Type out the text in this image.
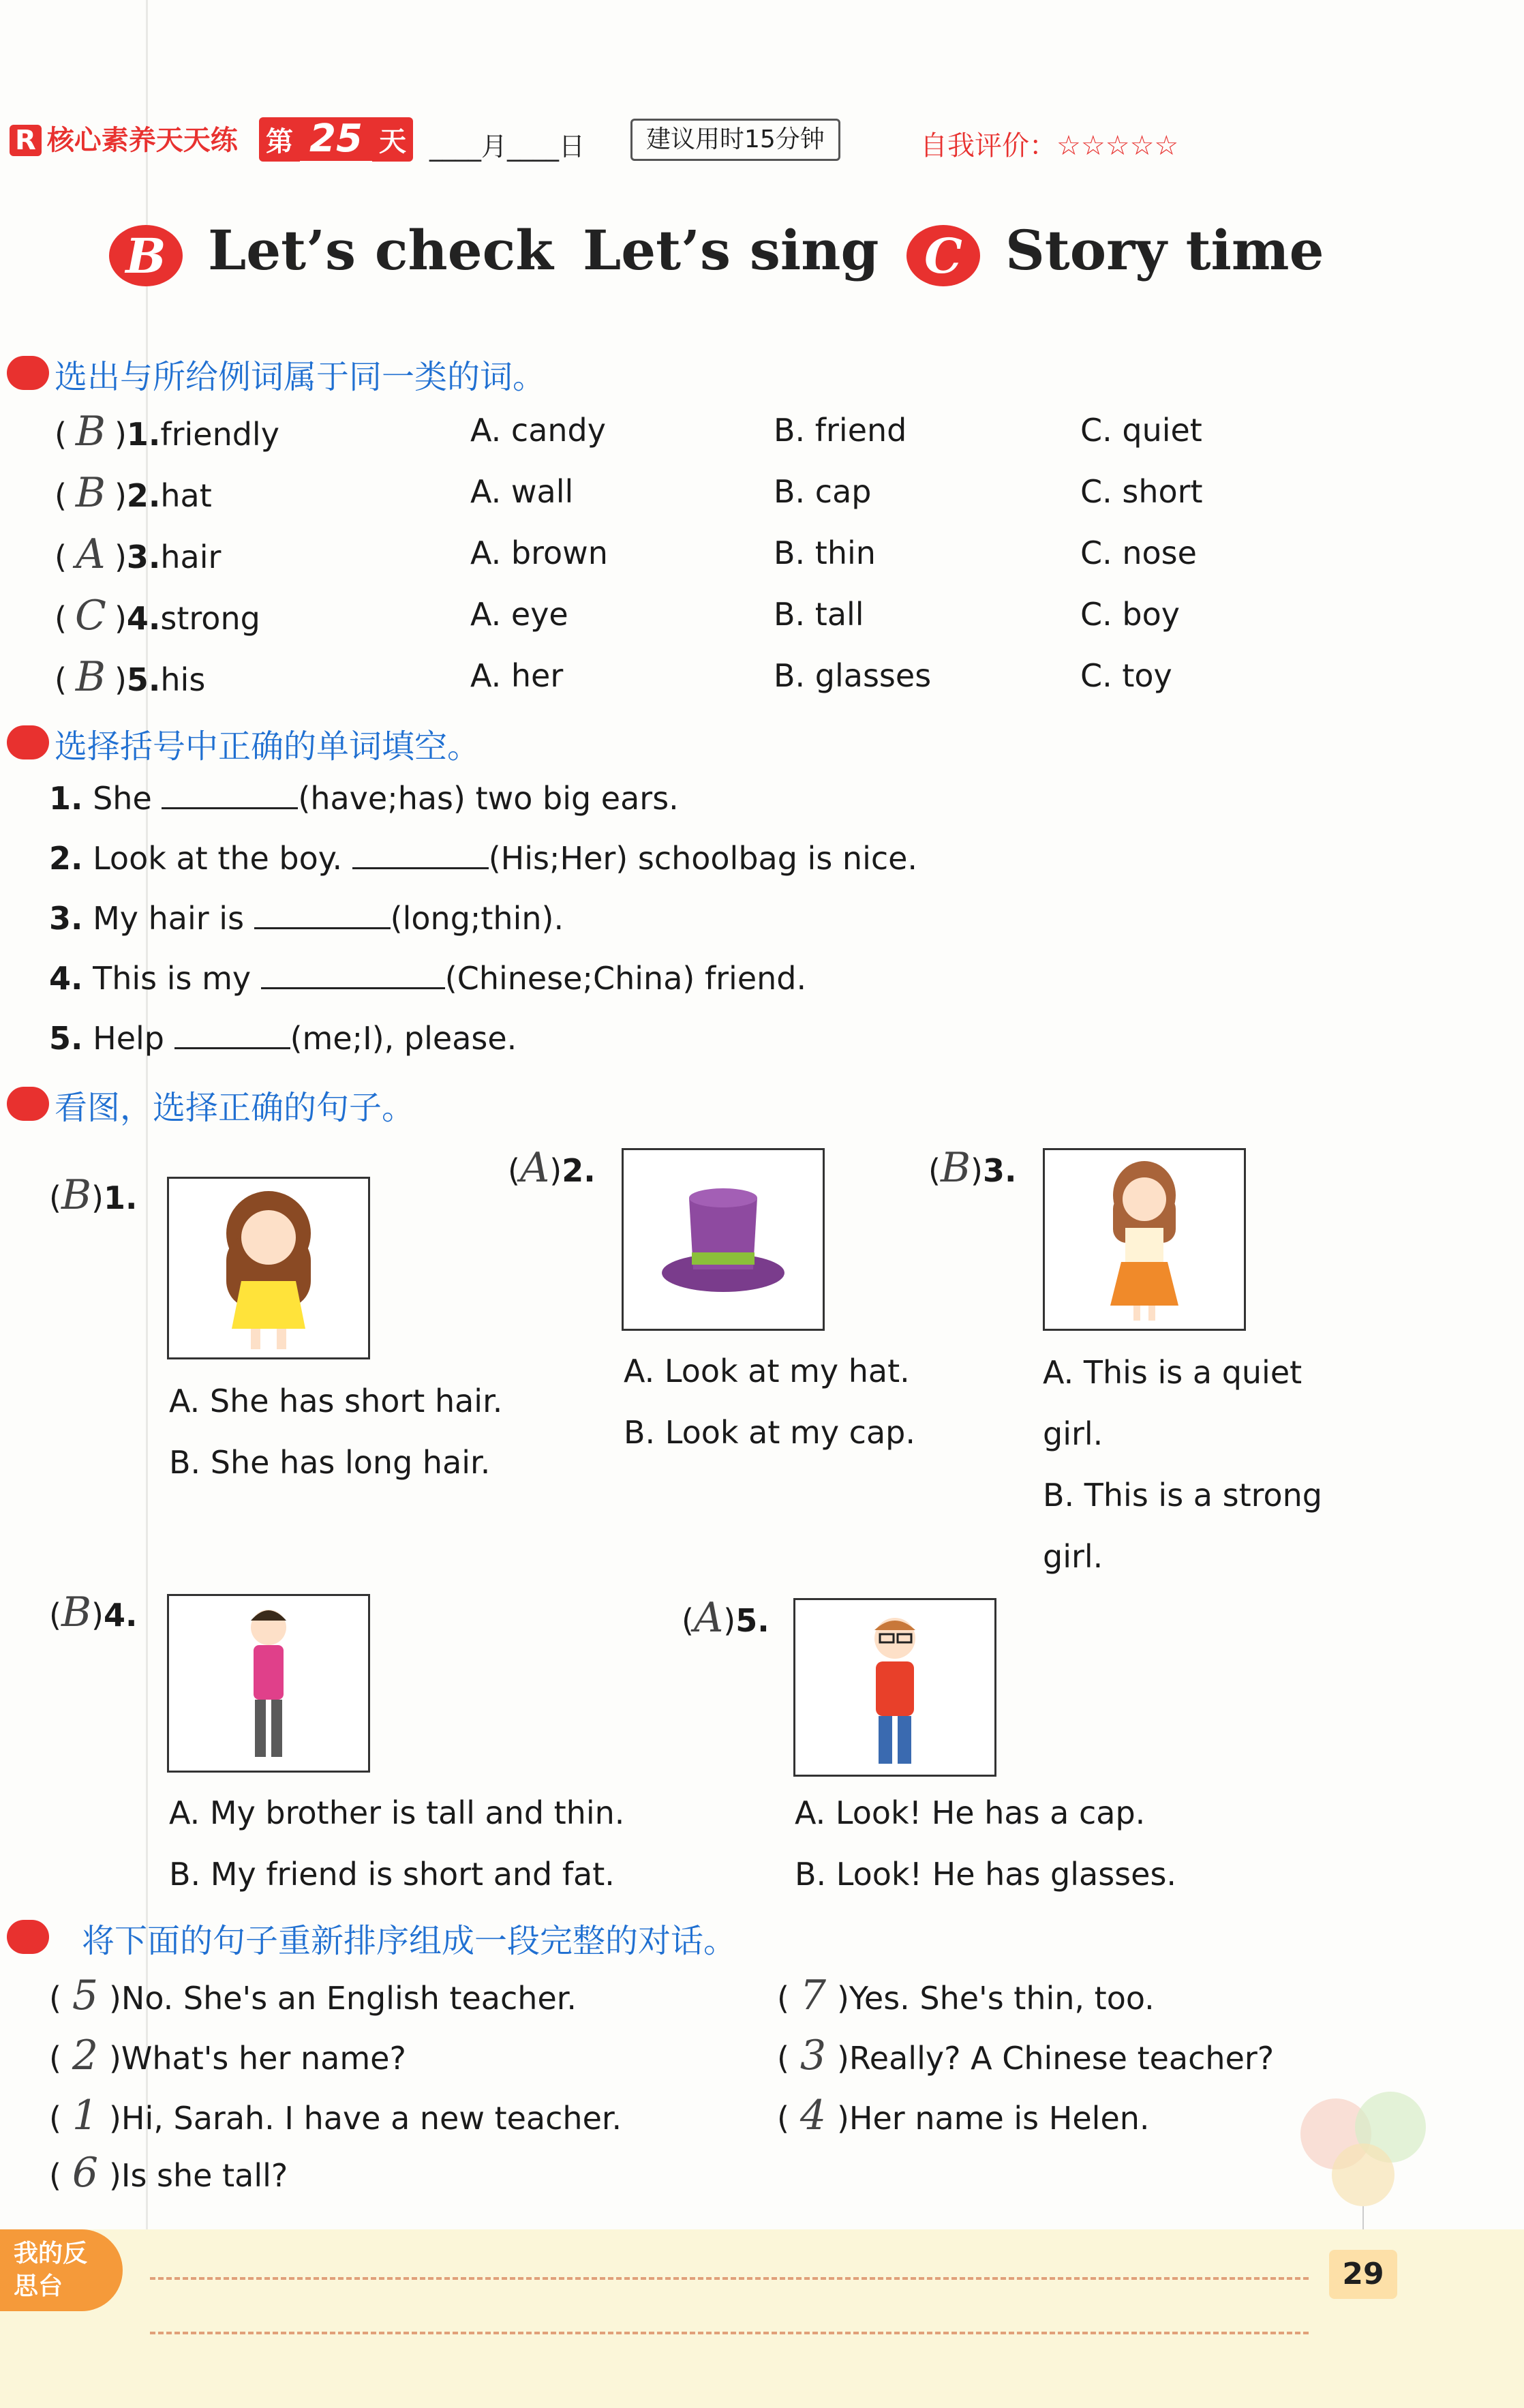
R 核心素养天天练 第 25 天 ____月____日	建议用时15分钟	自我评价：☆☆☆☆☆
B Let’s check Let’s sing C Story time
选出与所给例词属于同一类的词。
( B )1.friendly	A. candy	B. friend	C. quiet
( B )2.hat	A. wall	B. cap	C. short
( A )3.hair	A. brown	B. thin	C. nose
( C )4.strong	A. eye	B. tall	C. boy
( B )5.his	A. her	B. glasses	C. toy
选择括号中正确的单词填空。
1. She	(have;has) two big ears.
2. Look at the boy.	(His;Her) schoolbag is nice.
3. My hair is	(long;thin).
4. This is my	(Chinese;China) friend.
5. Help	(me;I), please.
看图，选择正确的句子。
(B)1.
A. She has short hair.
B. She has long hair.
(A)2.
A. Look at my hat.
B. Look at my cap.
(B)3.
A. This is a quiet
girl.
B. This is a strong
girl.
(B)4.
A. My brother is tall and thin.
B. My friend is short and fat.
(A)5.
A. Look! He has a cap.
B. Look! He has glasses.
将下面的句子重新排序组成一段完整的对话。
( 5 )No. She's an English teacher.	( 7 )Yes. She's thin, too.
( 2 )What's her name?	( 3 )Really? A Chinese teacher?
( 1 )Hi, Sarah. I have a new teacher.	( 4 )Her name is Helen.
( 6 )Is she tall?
我的反思台	29
